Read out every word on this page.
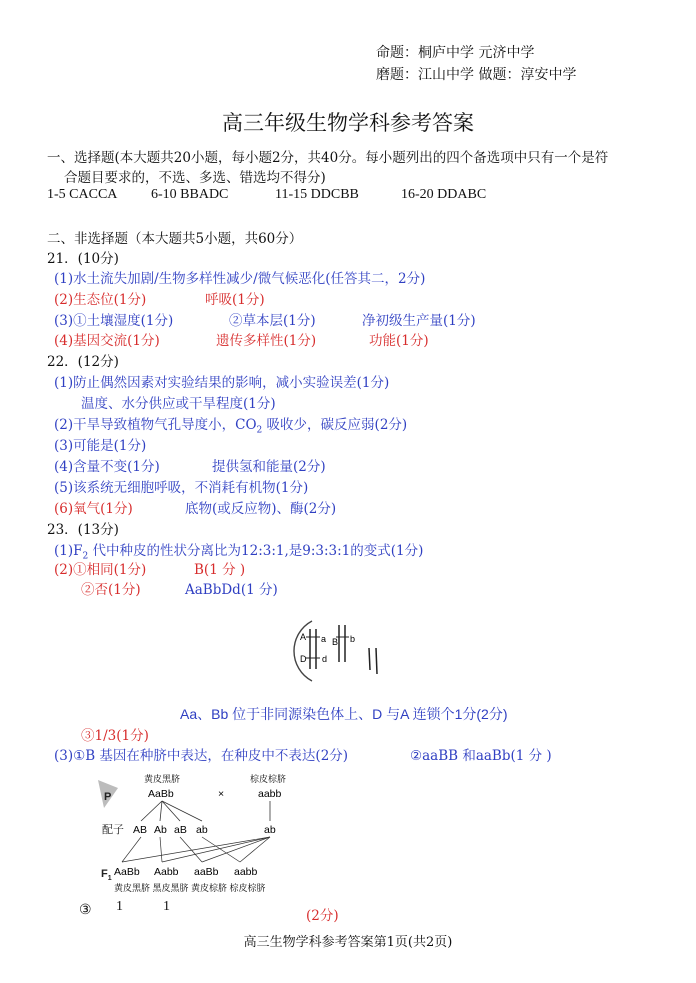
命题：桐庐中学 元济中学
磨题：江山中学 做题：淳安中学
高三年级生物学科参考答案
一、选择题(本大题共20小题，每小题2分，共40分。每小题列出的四个备选项中只有一个是符
合题目要求的，不选、多选、错选均不得分)
1-5 CACCA 6-10 BBADC	11-15 DDCBB	16-20 DDABC
二、非选择题（本大题共5小题，共60分）
21．(10分)
(1)水土流失加剧/生物多样性减少/微气候恶化(任答其二，2分)
(2)生态位(1分)	呼吸(1分)
(3)①土壤湿度(1分)	②草本层(1分)	净初级生产量(1分)
(4)基因交流(1分)	遗传多样性(1分)	功能(1分)
22．(12分)
(1)防止偶然因素对实验结果的影响，减小实验误差(1分)
温度、水分供应或干旱程度(1分)
(2)干旱导致植物气孔导度小，$CO_2$ 吸收少，碳反应弱(2分)
(3)可能是(1分)
(4)含量不变(1分)	提供氢和能量(2分)
(5)该系统无细胞呼吸，不消耗有机物(1分)
(6)氧气(1分)	底物(或反应物)、酶(2分)
23．(13分)
$(1)F_2$ 代中种皮的性状分离比为12:3:1,是9:3:3:1的变式(1分)
(2)①相同(1分)	B(1 分 )
②否(1分)	AaBbDd(1 分)
A a B b
D d
Aa、Bb 位于非同源染色体上、D 与A 连锁个1分(2分)
③1/3(1分)
(3)①B 基因在种脐中表达，在种皮中不表达(2分)	②aaBB 和aaBb(1 分 )
P
黄皮黑脐
AaBb	×
棕皮棕脐
aabb
配子 AB Ab aB ab	ab
$F_1$
AaBb Aabb aaBb aabb
黄皮黑脐 黑皮黑脐 黄皮棕脐 棕皮棕脐
③ 1	1
(2分)
高三生物学科参考答案第1页(共2页)
